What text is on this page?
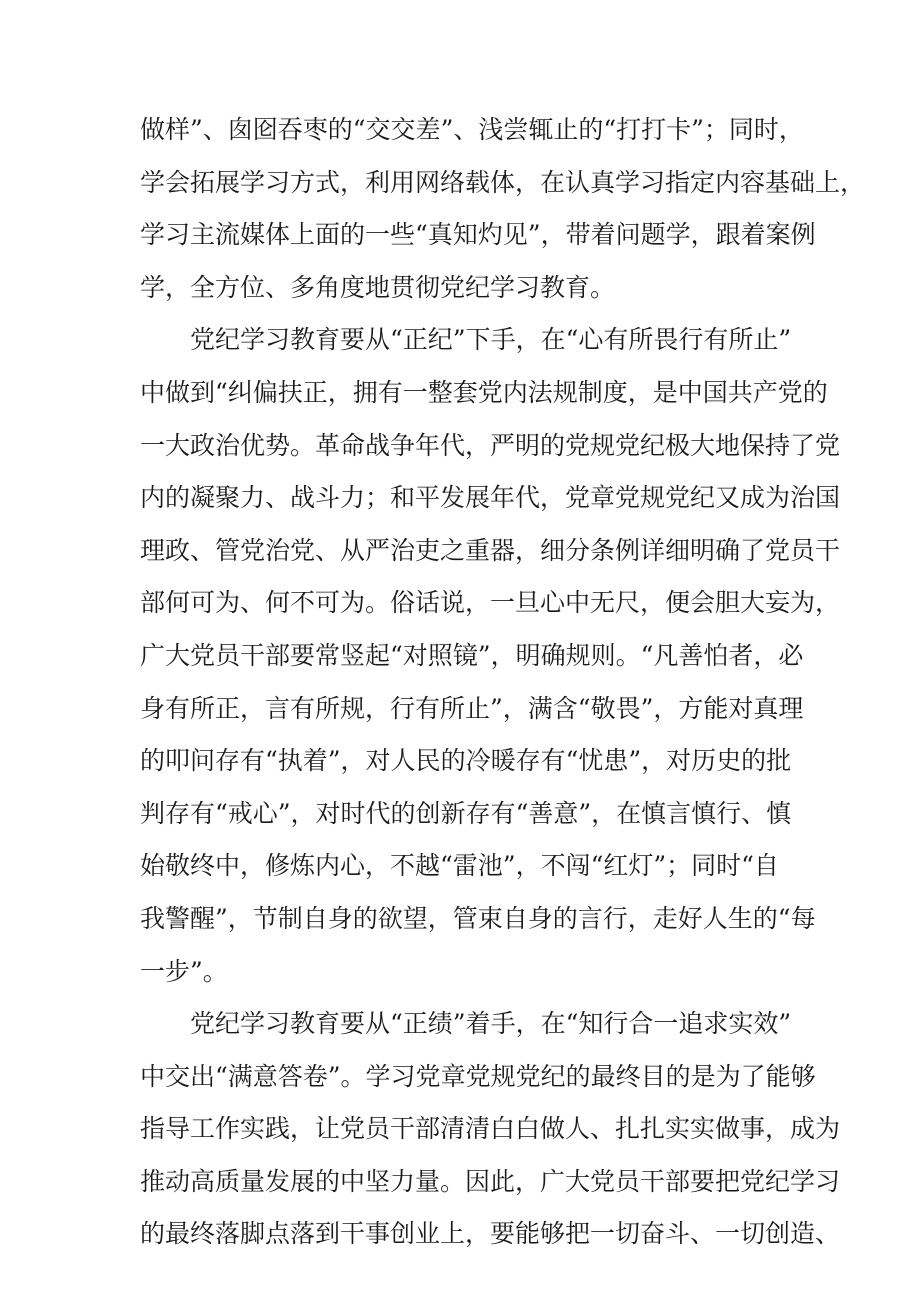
做样”、囱囵吞枣的“交交差”、浅尝辄止的“打打卡”；同时，
学会拓展学习方式，利用网络载体，在认真学习指定内容基础上，
学习主流媒体上面的一些“真知灼见”，带着问题学，跟着案例
学，全方位、多角度地贯彻党纪学习教育。
党纪学习教育要从“正纪”下手，在“心有所畏行有所止”
中做到“纠偏扶正，拥有一整套党内法规制度，是中国共产党的
一大政治优势。革命战争年代，严明的党规党纪极大地保持了党
内的凝聚力、战斗力；和平发展年代，党章党规党纪又成为治国
理政、管党治党、从严治吏之重器，细分条例详细明确了党员干
部何可为、何不可为。俗话说，一旦心中无尺，便会胆大妄为，
广大党员干部要常竖起“对照镜”，明确规则。“凡善怕者，必
身有所正，言有所规，行有所止”，满含“敬畏”，方能对真理
的叩问存有“执着”，对人民的冷暖存有“忧患”，对历史的批
判存有“戒心”，对时代的创新存有“善意”，在慎言慎行、慎
始敬终中，修炼内心，不越“雷池”，不闯“红灯”；同时“自
我警醒”，节制自身的欲望，管束自身的言行，走好人生的“每
一步”。
党纪学习教育要从“正绩”着手，在“知行合一追求实效”
中交出“满意答卷”。学习党章党规党纪的最终目的是为了能够
指导工作实践，让党员干部清清白白做人、扎扎实实做事，成为
推动高质量发展的中坚力量。因此，广大党员干部要把党纪学习
的最终落脚点落到干事创业上，要能够把一切奋斗、一切创造、
